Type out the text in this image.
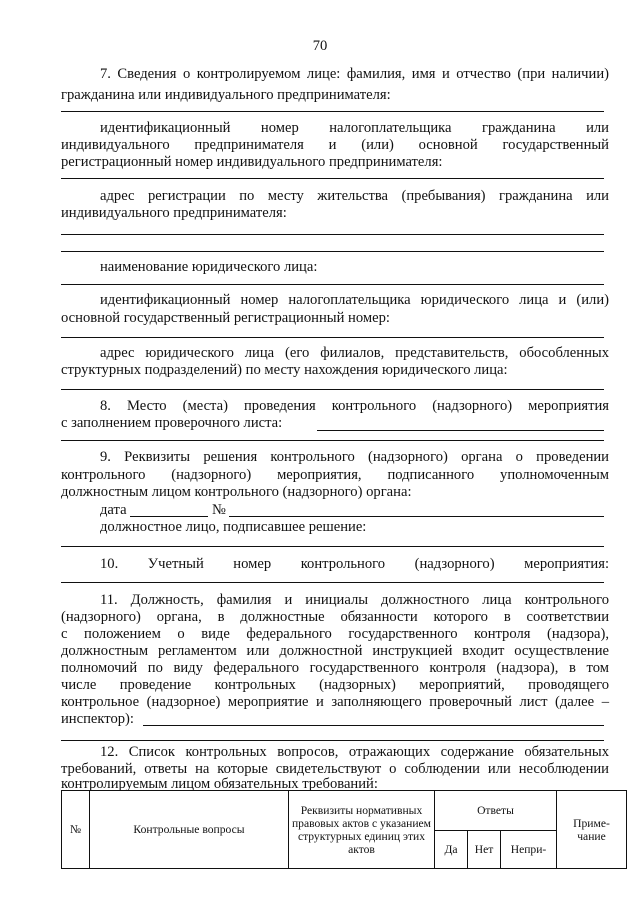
70
7. Сведения о контролируемом лице: фамилия, имя и отчество (при наличии)
гражданина или индивидуального предпринимателя:
идентификационный номер налогоплательщика гражданина или
индивидуального предпринимателя и (или) основной государственный
регистрационный номер индивидуального предпринимателя:
адрес регистрации по месту жительства (пребывания) гражданина или
индивидуального предпринимателя:
наименование юридического лица:
идентификационный номер налогоплательщика юридического лица и (или)
основной государственный регистрационный номер:
адрес юридического лица (его филиалов, представительств, обособленных
структурных подразделений) по месту нахождения юридического лица:
8. Место (места) проведения контрольного (надзорного) мероприятия
с заполнением проверочного листа:
9. Реквизиты решения контрольного (надзорного) органа о проведении
контрольного (надзорного) мероприятия, подписанного уполномоченным
должностным лицом контрольного (надзорного) органа:
дата	№
должностное лицо, подписавшее решение:
10. Учетный номер контрольного (надзорного) мероприятия:
11. Должность, фамилия и инициалы должностного лица контрольного
(надзорного) органа, в должностные обязанности которого в соответствии
с положением о виде федерального государственного контроля (надзора),
должностным регламентом или должностной инструкцией входит осуществление
полномочий по виду федерального государственного контроля (надзора), в том
числе проведение контрольных (надзорных) мероприятий, проводящего
контрольное (надзорное) мероприятие и заполняющего проверочный лист (далее –
инспектор):
12. Список контрольных вопросов, отражающих содержание обязательных
требований, ответы на которые свидетельствуют о соблюдении или несоблюдении
контролируемым лицом обязательных требований:
№	Контрольные вопросы	Реквизиты нормативных правовых актов с указанием структурных единиц этих актов	Ответы			Приме-чание
			Да	Нет	Непри-	
